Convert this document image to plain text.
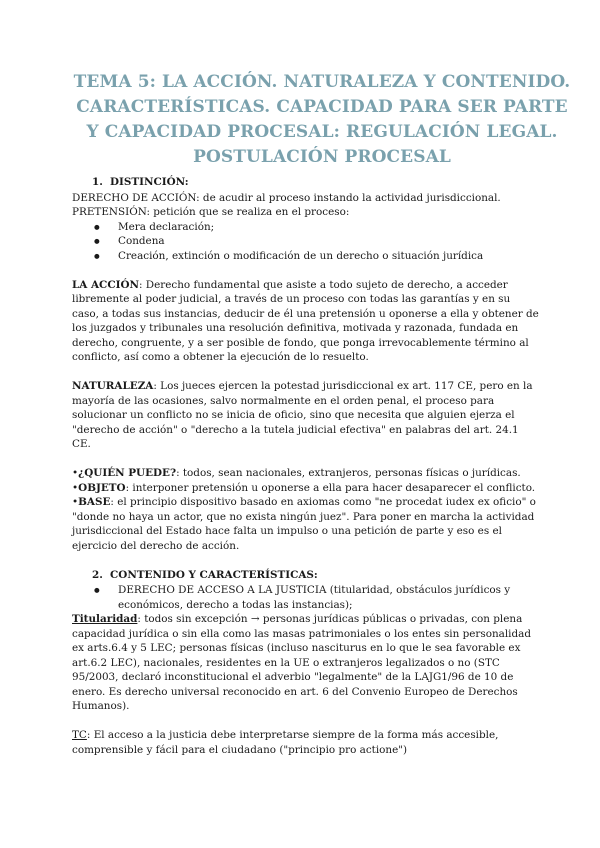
TEMA 5: LA ACCIÓN. NATURALEZA Y CONTENIDO. CARACTERÍSTICAS. CAPACIDAD PARA SER PARTE Y CAPACIDAD PROCESAL: REGULACIÓN LEGAL. POSTULACIÓN PROCESAL
1. DISTINCIÓN:

DERECHO DE ACCIÓN: de acudir al proceso instando la actividad jurisdiccional.

PRETENSIÓN: petición que se realiza en el proceso:

● Mera declaración;
● Condena
● Creación, extinción o modificación de un derecho o situación jurídica

LA ACCIÓN: Derecho fundamental que asiste a todo sujeto de derecho, a acceder libremente al poder judicial, a través de un proceso con todas las garantías y en su caso, a todas sus instancias, deducir de él una pretensión u oponerse a ella y obtener de los juzgados y tribunales una resolución definitiva, motivada y razonada, fundada en derecho, congruente, y a ser posible de fondo, que ponga irrevocablemente término al conflicto, así como a obtener la ejecución de lo resuelto.

NATURALEZA: Los jueces ejercen la potestad jurisdiccional ex art. 117 CE, pero en la mayoría de las ocasiones, salvo normalmente en el orden penal, el proceso para solucionar un conflicto no se inicia de oficio, sino que necesita que alguien ejerza el "derecho de acción" o "derecho a la tutela judicial efectiva" en palabras del art. 24.1 CE.

•¿QUIÉN PUEDE?: todos, sean nacionales, extranjeros, personas físicas o jurídicas.

•OBJETO: interponer pretensión u oponerse a ella para hacer desaparecer el conflicto.

•BASE: el principio dispositivo basado en axiomas como "ne procedat iudex ex oficio" o "donde no haya un actor, que no exista ningún juez". Para poner en marcha la actividad jurisdiccional del Estado hace falta un impulso o una petición de parte y eso es el ejercicio del derecho de acción.

2. CONTENIDO Y CARACTERÍSTICAS:
● DERECHO DE ACCESO A LA JUSTICIA (titularidad, obstáculos jurídicos y económicos, derecho a todas las instancias);

Titularidad: todos sin excepción → personas jurídicas públicas o privadas, con plena capacidad jurídica o sin ella como las masas patrimoniales o los entes sin personalidad ex arts.6.4 y 5 LEC; personas físicas (incluso nasciturus en lo que le sea favorable ex art.6.2 LEC), nacionales, residentes en la UE o extranjeros legalizados o no (STC 95/2003, declaró inconstitucional el adverbio "legalmente" de la LAJG1/96 de 10 de enero. Es derecho universal reconocido en art. 6 del Convenio Europeo de Derechos Humanos).

TC: El acceso a la justicia debe interpretarse siempre de la forma más accesible, comprensible y fácil para el ciudadano ("principio pro actione")
